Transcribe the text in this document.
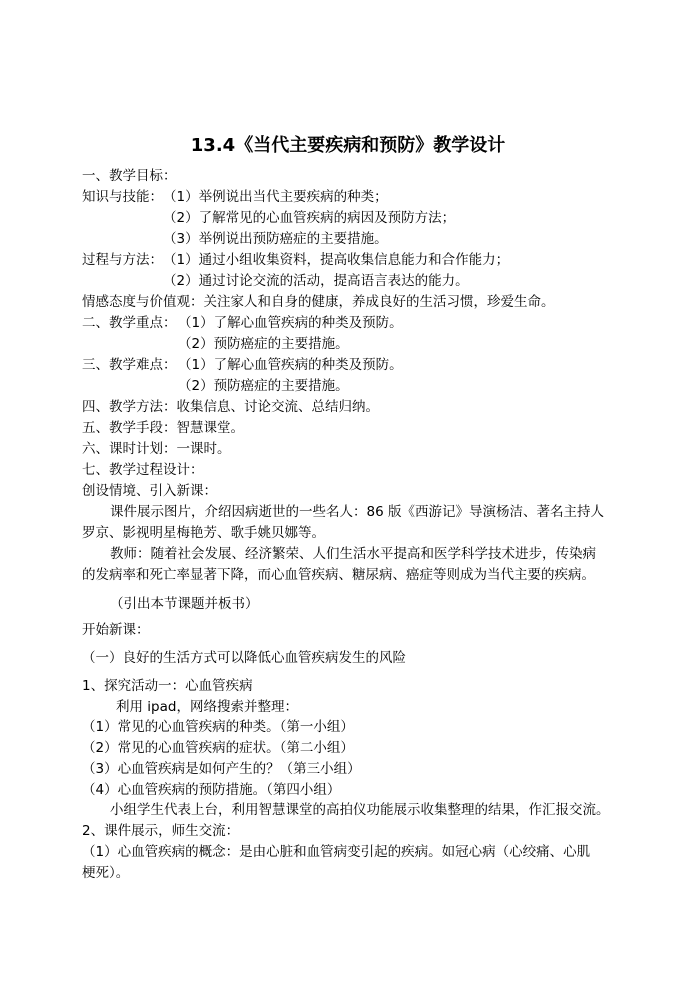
13.4《当代主要疾病和预防》教学设计
一、教学目标：
知识与技能： （1）举例说出当代主要疾病的种类；
（2）了解常见的心血管疾病的病因及预防方法；
（3）举例说出预防癌症的主要措施。
过程与方法： （1）通过小组收集资料，提高收集信息能力和合作能力；
（2）通过讨论交流的活动，提高语言表达的能力。
情感态度与价值观：关注家人和自身的健康，养成良好的生活习惯，珍爱生命。
二、教学重点： （1）了解心血管疾病的种类及预防。
（2）预防癌症的主要措施。
三、教学难点： （1）了解心血管疾病的种类及预防。
（2）预防癌症的主要措施。
四、教学方法：收集信息、讨论交流、总结归纳。
五、教学手段：智慧课堂。
六、课时计划：一课时。
七、教学过程设计：
创设情境、引入新课：
课件展示图片，介绍因病逝世的一些名人：86 版《西游记》导演杨洁、著名主持人
罗京、影视明星梅艳芳、歌手姚贝娜等。
教师：随着社会发展、经济繁荣、人们生活水平提高和医学科学技术进步，传染病
的发病率和死亡率显著下降，而心血管疾病、糖尿病、癌症等则成为当代主要的疾病。
（引出本节课题并板书）
开始新课：
（一）良好的生活方式可以降低心血管疾病发生的风险
1、探究活动一：心血管疾病
利用 ipad，网络搜索并整理：
（1）常见的心血管疾病的种类。（第一小组）
（2）常见的心血管疾病的症状。（第二小组）
（3）心血管疾病是如何产生的？（第三小组）
（4）心血管疾病的预防措施。（第四小组）
小组学生代表上台，利用智慧课堂的高拍仪功能展示收集整理的结果，作汇报交流。
2、课件展示，师生交流：
（1）心血管疾病的概念：是由心脏和血管病变引起的疾病。如冠心病（心绞痛、心肌
梗死）。
